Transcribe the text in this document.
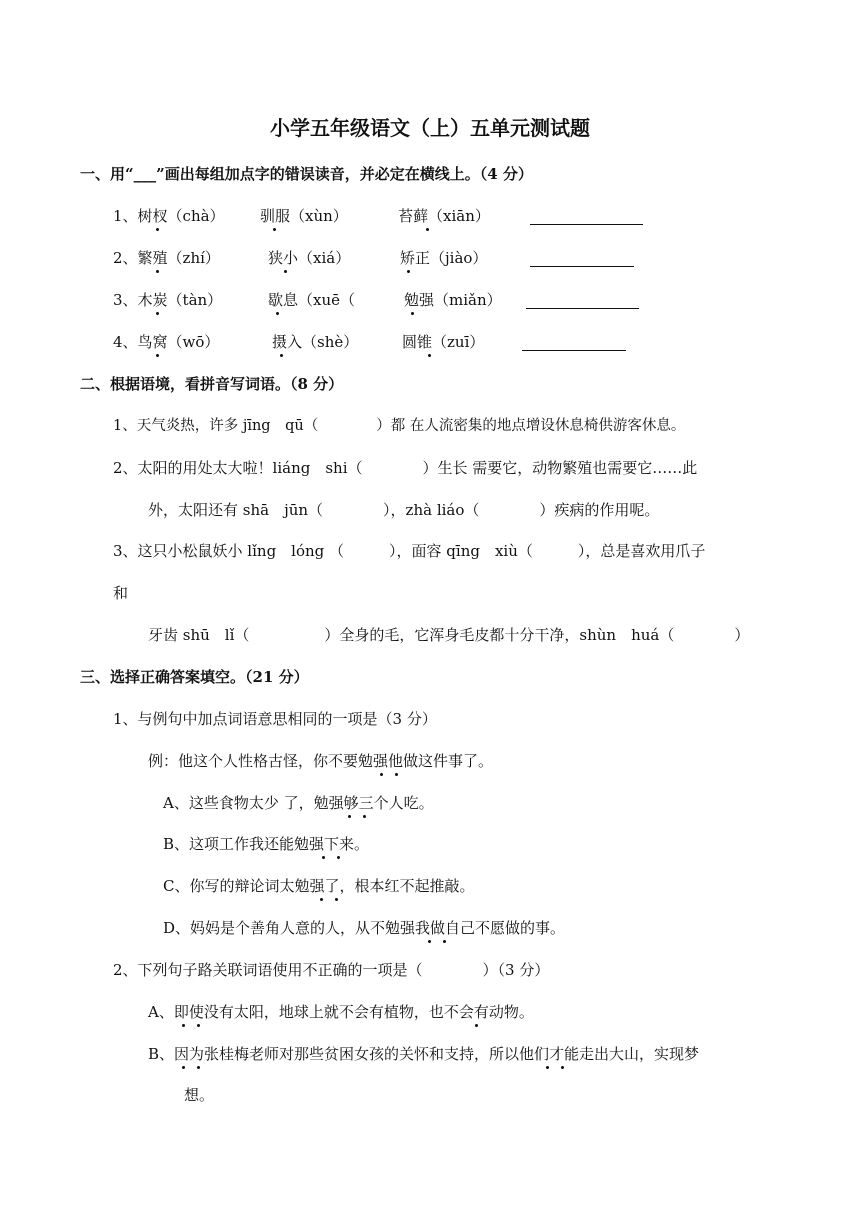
小学五年级语文（上）五单元测试题
一、用“___”画出每组加点字的错误读音，并必定在横线上。（4 分）
1、树杈（chà） 驯服（xùn）	苔藓（xiān）
2、繁殖（zhí）	狭小（xiá）	矫正（jiào）
3、木炭（tàn）	歇息（xuē（	勉强（miǎn）
4、鸟窝（wō）	摄入（shè）	圆锥（zuī）
二、根据语境，看拼音写词语。（8 分）
1、天气炎热，许多 jīng　qū（　　　　）都 在人流密集的地点增设休息椅供游客休息。
2、太阳的用处太大啦！liáng　shi（　　　　）生长 需要它，动物繁殖也需要它……此
外，太阳还有 shā　jūn（　　　　），zhà liáo（　　　　）疾病的作用呢。
3、这只小松鼠妖小 lǐng　lóng （　　　），面容 qīng　xiù（　　　），总是喜欢用爪子
和
牙齿 shū　lǐ（　　　　　）全身的毛，它浑身毛皮都十分干净，shùn　huá（　　　　）
三、选择正确答案填空。（21 分）
1、与例句中加点词语意思相同的一项是（3 分）
例：他这个人性格古怪，你不要勉强他做这件事了。
A、这些食物太少 了，勉强够三个人吃。
B、这项工作我还能勉强下来。
C、你写的辩论词太勉强了，根本红不起推敲。
D、妈妈是个善角人意的人，从不勉强我做自己不愿做的事。
2、下列句子路关联词语使用不正确的一项是（　　　　）（3 分）
A、即使没有太阳，地球上就不会有植物，也不会有动物。
B、因为张桂梅老师对那些贫困女孩的关怀和支持，所以他们才能走出大山，实现梦
想。
